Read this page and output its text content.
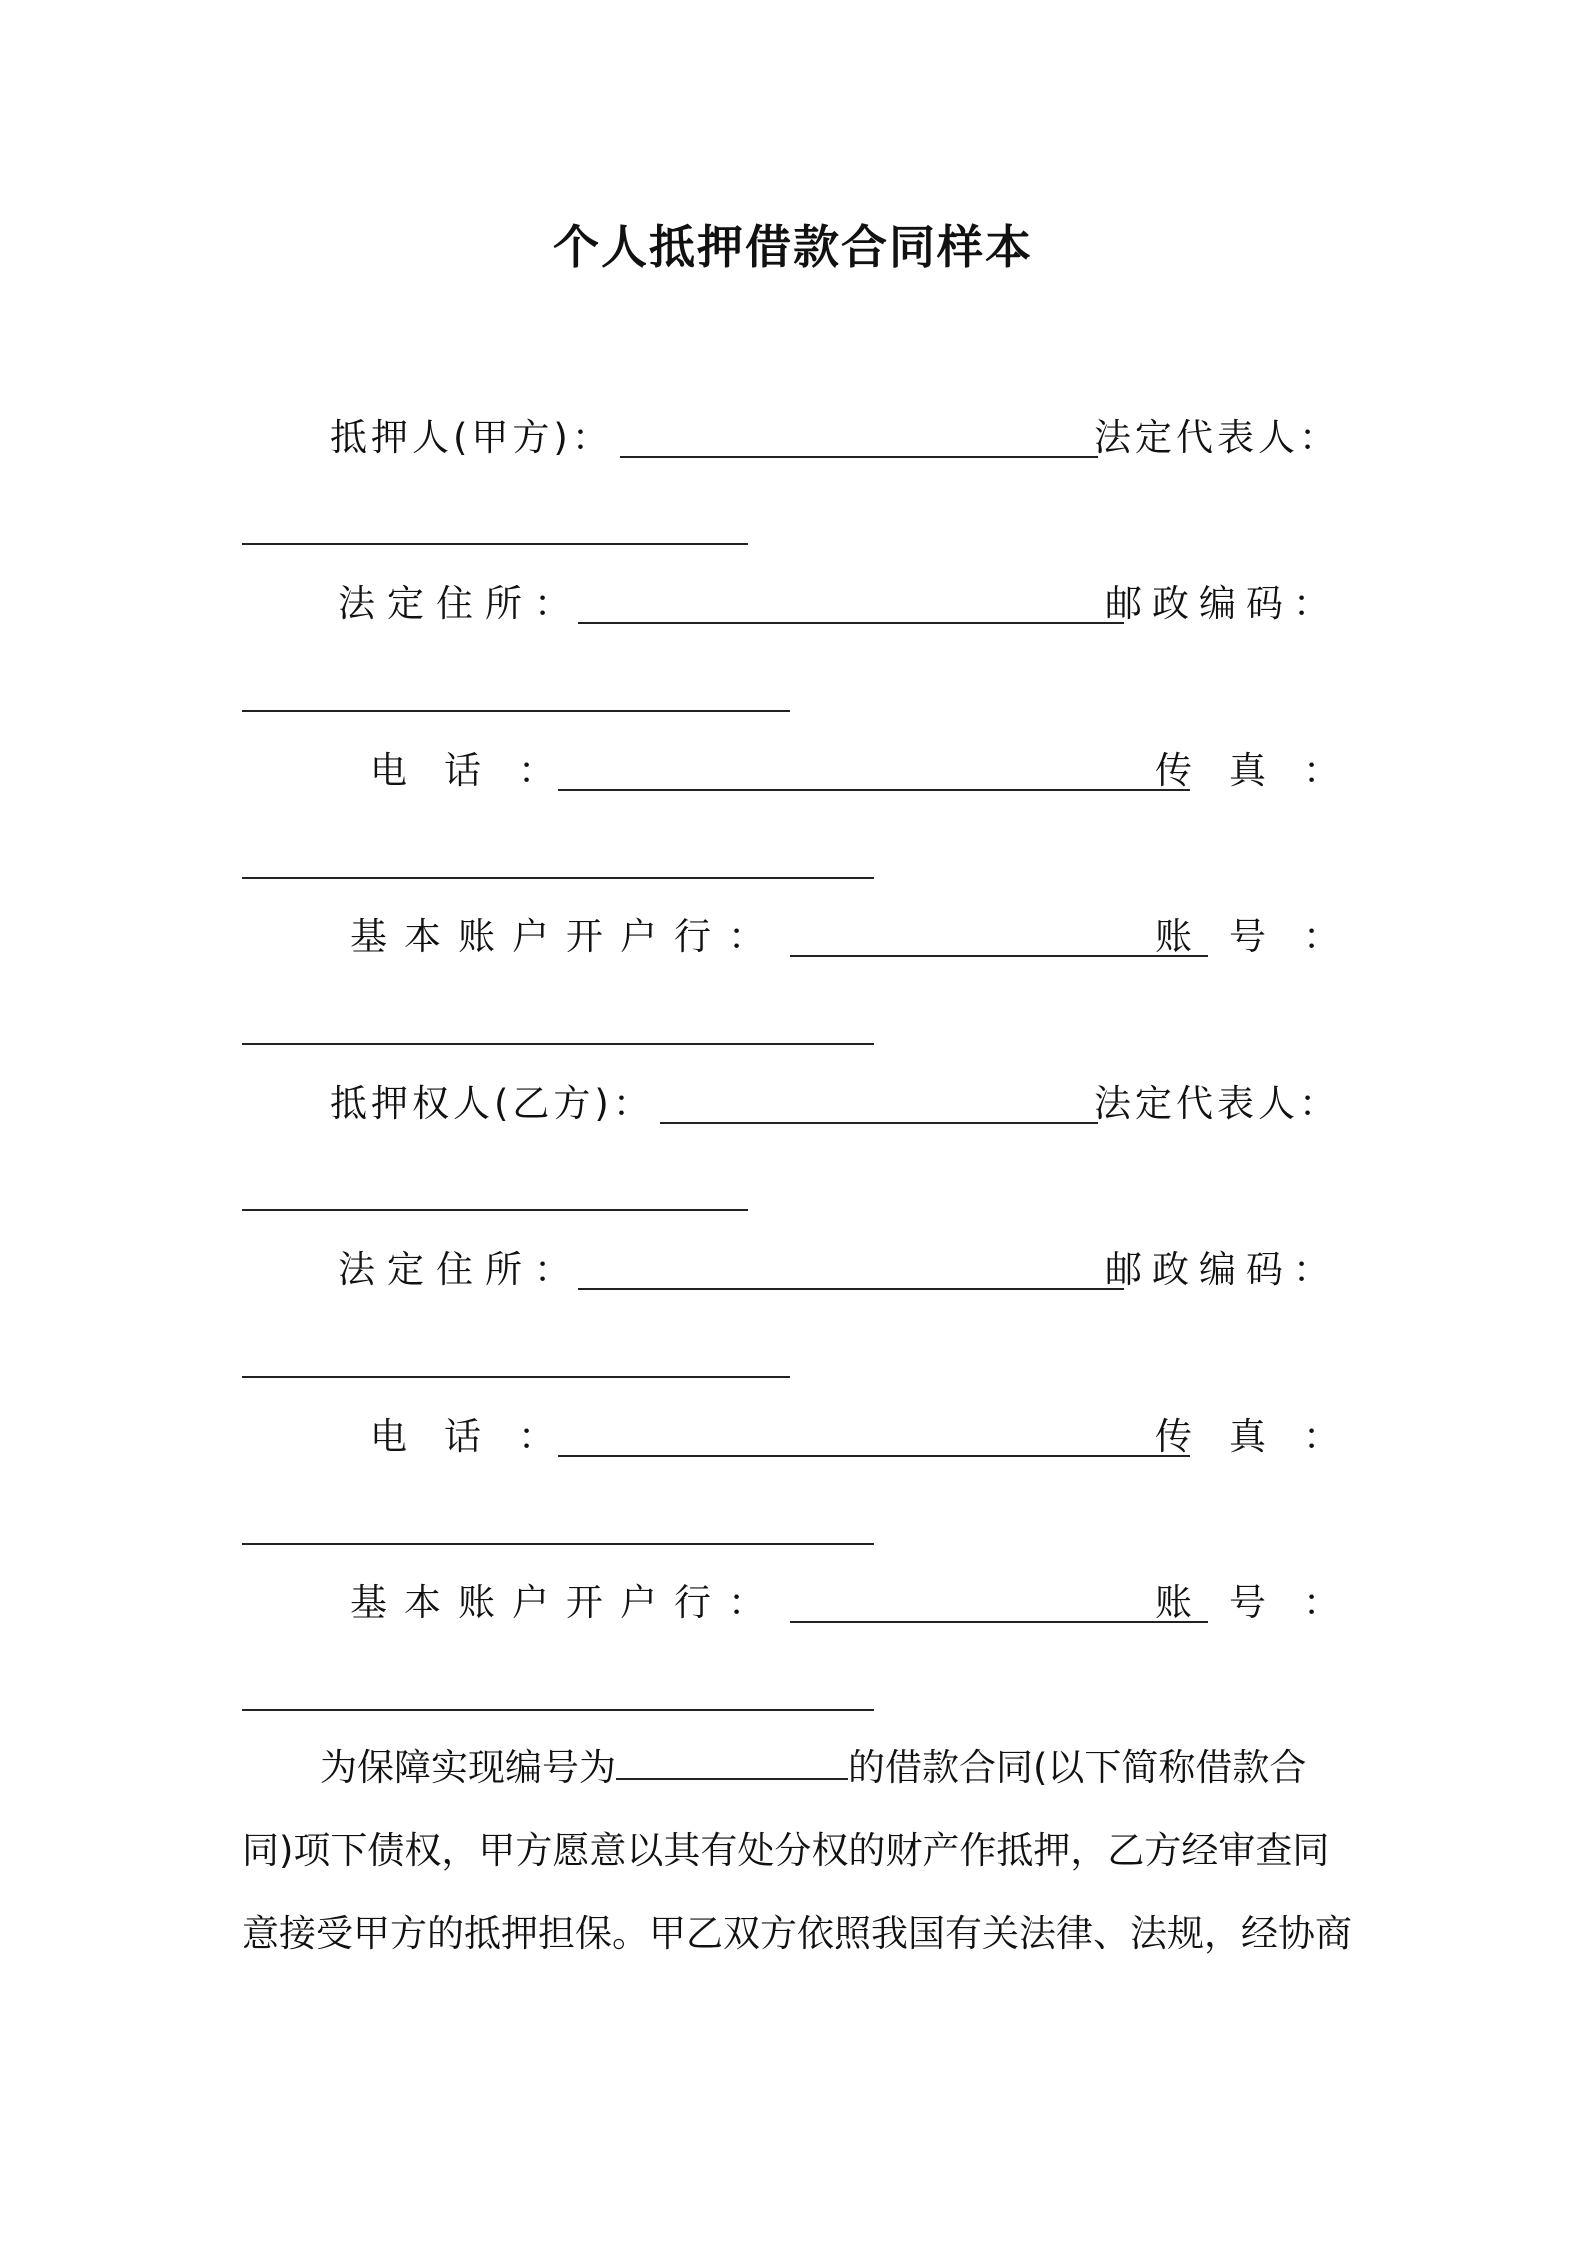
个人抵押借款合同样本
抵押人(甲方)：	法定代表人：
法定住所：	邮政编码：
电　话　：	传　真　：
基本账户开户行：	账　号　：
抵押权人(乙方)：	法定代表人：
法定住所：	邮政编码：
电　话　：	传　真　：
基本账户开户行：	账　号　：
为保障实现编号为	的借款合同(以下简称借款合
同)项下债权，甲方愿意以其有处分权的财产作抵押，乙方经审查同
意接受甲方的抵押担保。甲乙双方依照我国有关法律、法规，经协商
